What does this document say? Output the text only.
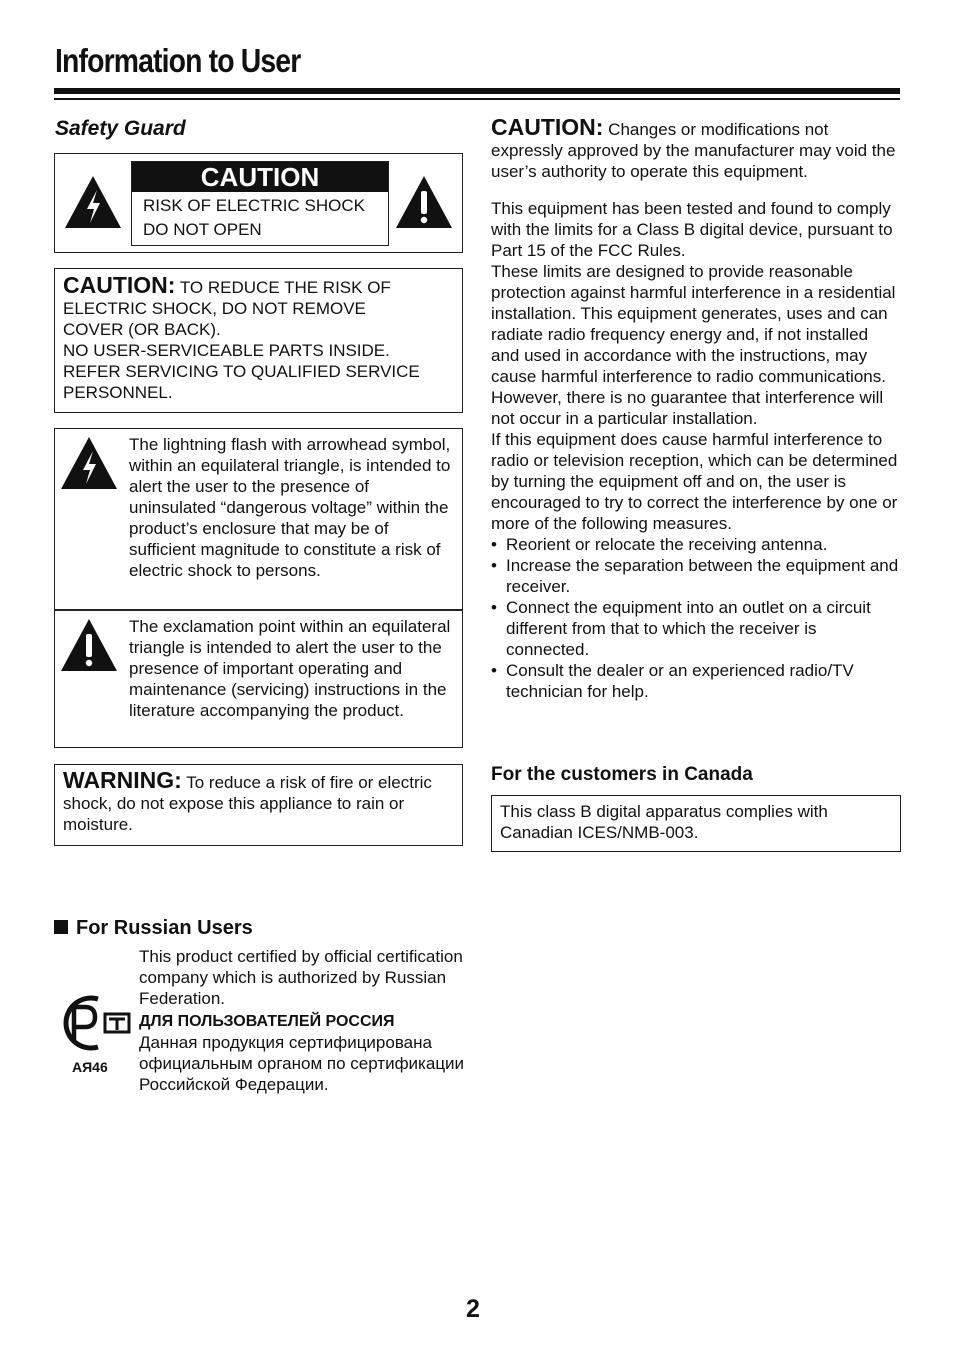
Information to User
Safety Guard
CAUTION
RISK OF ELECTRIC SHOCK
DO NOT OPEN
CAUTION: TO REDUCE THE RISK OF
ELECTRIC SHOCK, DO NOT REMOVE
COVER (OR BACK).
NO USER-SERVICEABLE PARTS INSIDE.
REFER SERVICING TO QUALIFIED SERVICE
PERSONNEL.
The lightning flash with arrowhead symbol, within an equilateral triangle, is intended to alert the user to the presence of uninsulated “dangerous voltage” within the product’s enclosure that may be of sufficient magnitude to constitute a risk of electric shock to persons.
The exclamation point within an equilateral triangle is intended to alert the user to the presence of important operating and maintenance (servicing) instructions in the literature accompanying the product.
WARNING: To reduce a risk of fire or electric shock, do not expose this appliance to rain or moisture.
For Russian Users
АЯ46
This product certified by official certification company which is authorized by Russian Federation.
ДЛЯ ПОЛЬЗОВАТЕЛЕЙ РОССИЯ
Данная продукция сертифицирована официальным органом по сертификации Российской Федерации.
CAUTION: Changes or modifications not expressly approved by the manufacturer may void the user’s authority to operate this equipment.
This equipment has been tested and found to comply with the limits for a Class B digital device, pursuant to Part 15 of the FCC Rules.
These limits are designed to provide reasonable protection against harmful interference in a residential installation. This equipment generates, uses and can radiate radio frequency energy and, if not installed and used in accordance with the instructions, may cause harmful interference to radio communications.
However, there is no guarantee that interference will not occur in a particular installation.
If this equipment does cause harmful interference to radio or television reception, which can be determined by turning the equipment off and on, the user is encouraged to try to correct the interference by one or more of the following measures.
• Reorient or relocate the receiving antenna.
• Increase the separation between the equipment and receiver.
• Connect the equipment into an outlet on a circuit different from that to which the receiver is connected.
• Consult the dealer or an experienced radio/TV technician for help.
For the customers in Canada
This class B digital apparatus complies with Canadian ICES/NMB-003.
2
